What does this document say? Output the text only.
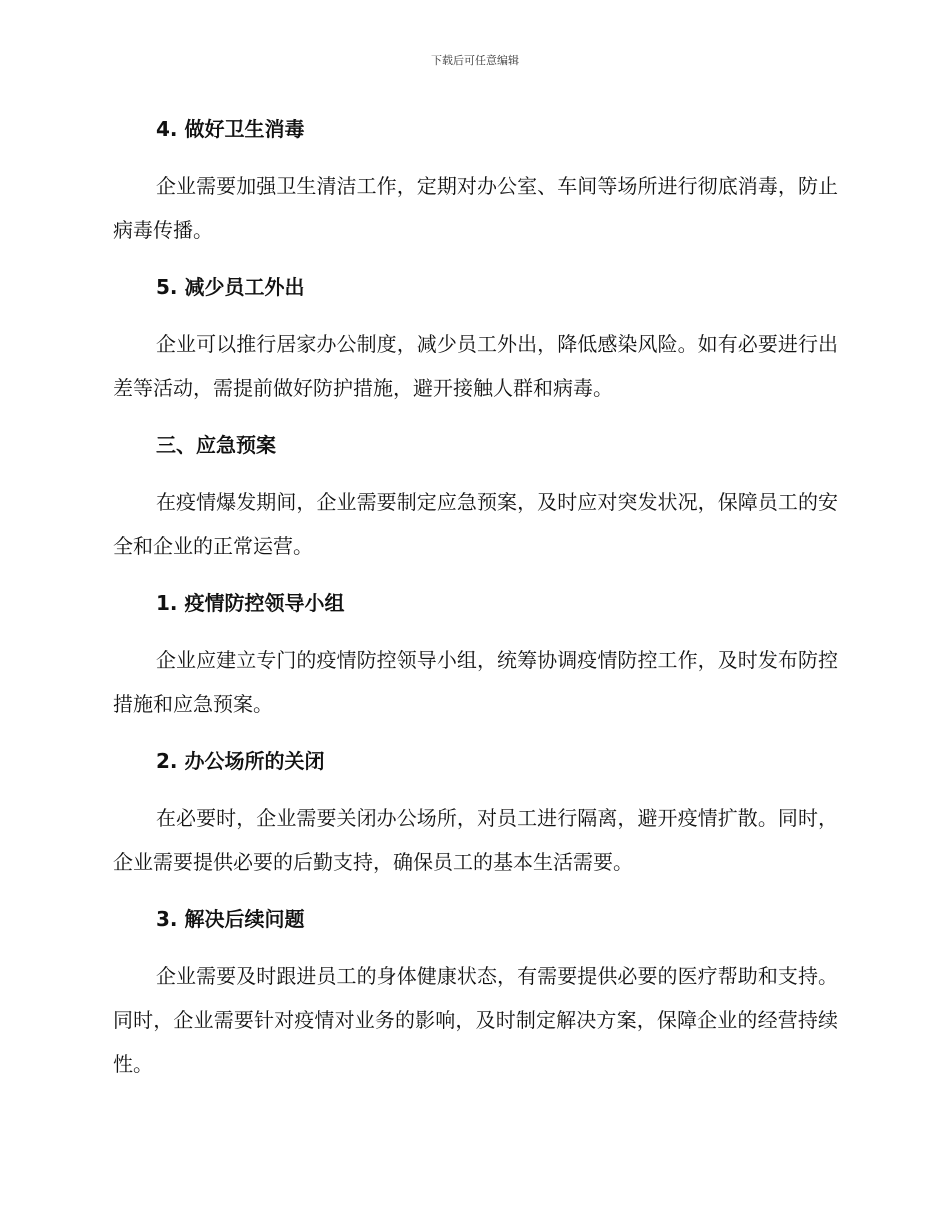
下载后可任意编辑
4. 做好卫生消毒

企业需要加强卫生清洁工作，定期对办公室、车间等场所进行彻底消毒，防止病毒传播。

5. 减少员工外出

企业可以推行居家办公制度，减少员工外出，降低感染风险。如有必要进行出差等活动，需提前做好防护措施，避开接触人群和病毒。

三、应急预案

在疫情爆发期间，企业需要制定应急预案，及时应对突发状况，保障员工的安全和企业的正常运营。

1. 疫情防控领导小组

企业应建立专门的疫情防控领导小组，统筹协调疫情防控工作，及时发布防控措施和应急预案。

2. 办公场所的关闭

在必要时，企业需要关闭办公场所，对员工进行隔离，避开疫情扩散。同时，企业需要提供必要的后勤支持，确保员工的基本生活需要。

3. 解决后续问题

企业需要及时跟进员工的身体健康状态，有需要提供必要的医疗帮助和支持。同时，企业需要针对疫情对业务的影响，及时制定解决方案，保障企业的经营持续性。
